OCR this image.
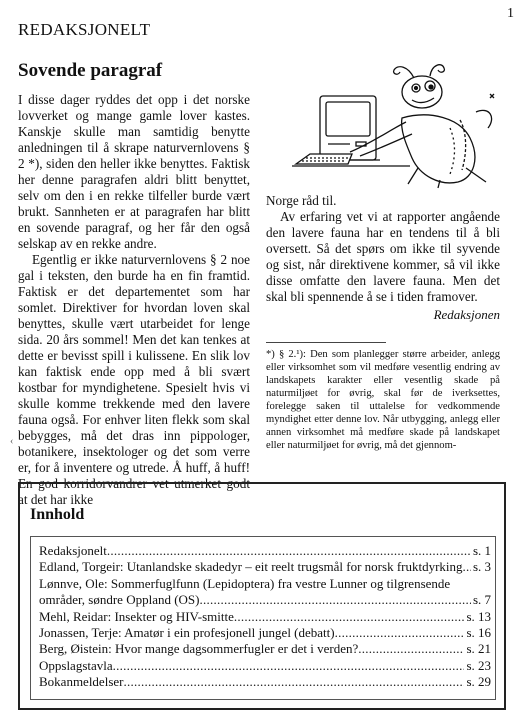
1
REDAKSJONELT
Sovende paragraf

I disse dager ryddes det opp i det norske lovverket og mange gamle lover kastes. Kanskje skulle man samtidig benytte anledningen til å skrape naturvernlovens § 2 *), siden den heller ikke benyttes. Faktisk her denne paragrafen aldri blitt benyttet, selv om den i en rekke tilfeller burde vært brukt. Sannheten er at paragrafen har blitt en sovende paragraf, og her får den også selskap av en rekke andre.

Egentlig er ikke naturvernlovens § 2 noe gal i teksten, den burde ha en fin framtid. Faktisk er det departementet som har somlet. Direktiver for hvordan loven skal benyttes, skulle vært utarbeidet for lenge sida. 20 års sommel! Men det kan tenkes at dette er bevisst spill i kulissene. En slik lov kan faktisk ende opp med å bli svært kostbar for myndighetene. Spesielt hvis vi skulle komme trekkende med den lavere fauna også. For enhver liten flekk som skal bebygges, må det dras inn pippologer, botanikere, insektologer og det som verre er, for å inventere og utrede. Å huff, å huff! En god korridorvandrer vet utmerket godt at det har ikke

Norge råd til.

Av erfaring vet vi at rapporter angående den lavere fauna har en tendens til å bli oversett. Så det spørs om ikke til syvende og sist, når direktivene kommer, så vil ikke disse omfatte den lavere fauna. Men det skal bli spennende å se i tiden framover.

Redaksjonen
*) § 2.¹): Den som planlegger større arbeider, anlegg eller virksomhet som vil medføre vesentlig endring av landskapets karakter eller vesentlig skade på naturmiljøet for øvrig, skal før de iverksettes, forelegge saken til uttalelse for vedkommende myndighet etter denne lov. Når utbygging, anlegg eller annen virksomhet må medføre skade på landskapet eller naturmiljøet for øvrig, må det gjennom-
‹
Innhold
Redaksjonelt . . .	s. 1
Edland, Torgeir: Utanlandske skadedyr – eit reelt trugsmål for norsk fruktdyrking . . . s. 3
Lønnve, Ole: Sommerfuglfunn (Lepidoptera) fra vestre Lunner og tilgrensende
områder, søndre Oppland (OS) . . .	s. 7
Mehl, Reidar: Insekter og HIV-smitte . . .	s. 13
Jonassen, Terje: Amatør i ein profesjonell jungel (debatt) . . .	s. 16
Berg, Øistein: Hvor mange dagsommerfugler er det i verden? . . .	s. 21
Oppslagstavla . . .	s. 23
Bokanmeldelser . . .	s. 29
